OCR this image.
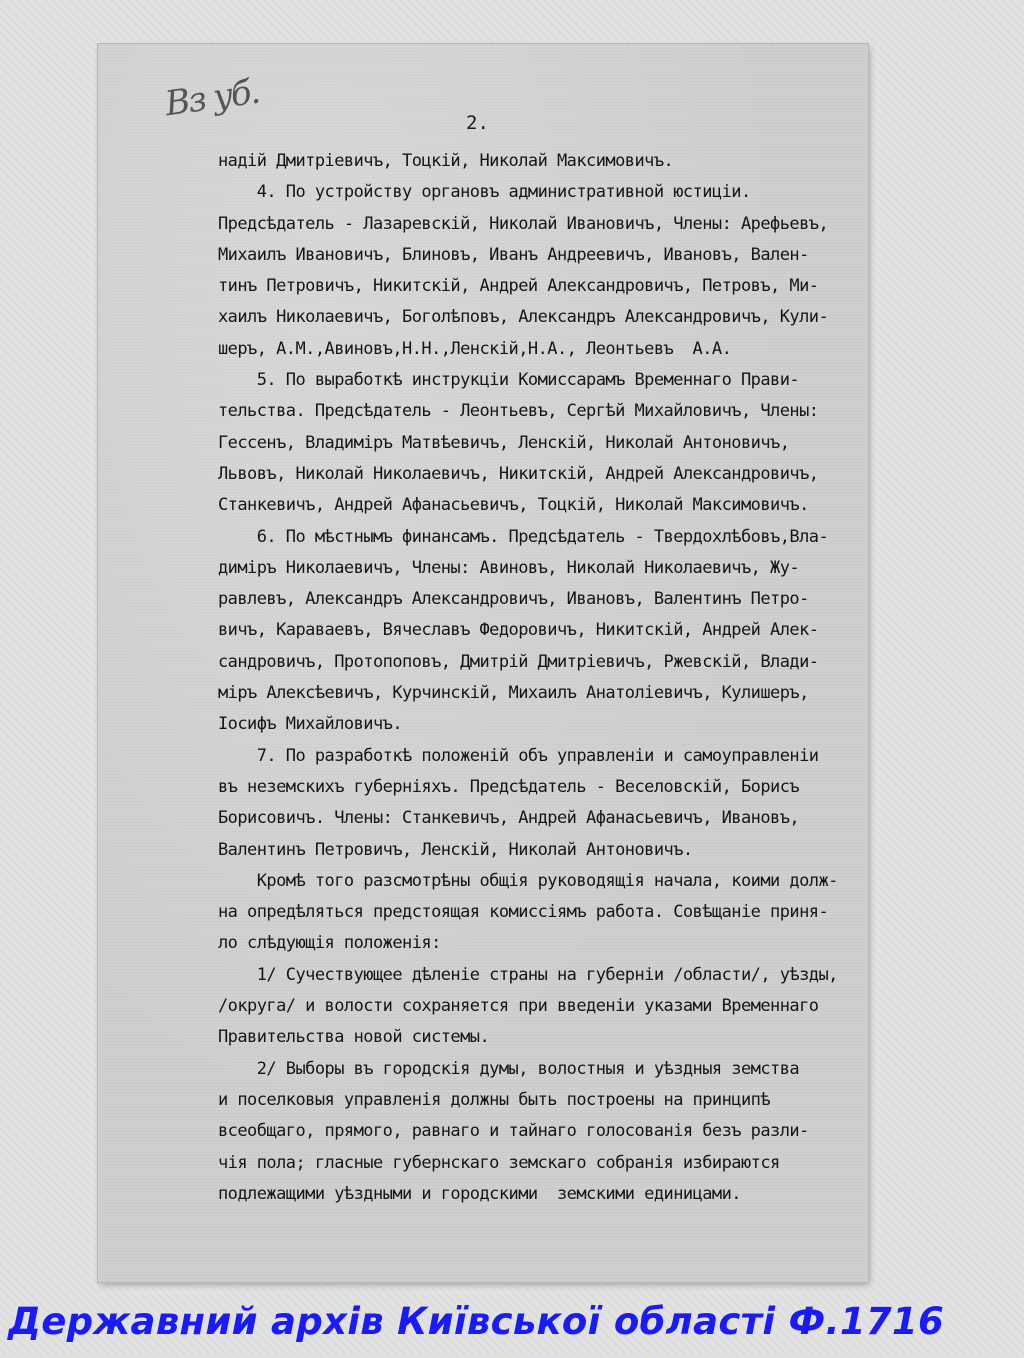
Вз уб.	2.
надій Дмитріевичъ, Тоцкій, Николай Максимовичъ.
4. По устройству органовъ административной юстиціи.
Предсѣдатель - Лазаревскій, Николай Ивановичъ, Члены: Арефьевъ,
Михаилъ Ивановичъ, Блиновъ, Иванъ Андреевичъ, Ивановъ, Вален-
тинъ Петровичъ, Никитскій, Андрей Александровичъ, Петровъ, Ми-
хаилъ Николаевичъ, Боголѣповъ, Александръ Александровичъ, Кули-
шеръ, А.М.,Авиновъ,Н.Н.,Ленскій,Н.А., Леонтьевъ  А.А.
5. По выработкѣ инструкціи Комиссарамъ Временнаго Прави-
тельства. Предсѣдатель - Леонтьевъ, Сергѣй Михайловичъ, Члены:
Гессенъ, Владиміръ Матвѣевичъ, Ленскій, Николай Антоновичъ,
Львовъ, Николай Николаевичъ, Никитскій, Андрей Александровичъ,
Станкевичъ, Андрей Афанасьевичъ, Тоцкій, Николай Максимовичъ.
6. По мѣстнымъ финансамъ. Предсѣдатель - Твердохлѣбовъ,Вла-
диміръ Николаевичъ, Члены: Авиновъ, Николай Николаевичъ, Жу-
равлевъ, Александръ Александровичъ, Ивановъ, Валентинъ Петро-
вичъ, Караваевъ, Вячеславъ Федоровичъ, Никитскій, Андрей Алек-
сандровичъ, Протопоповъ, Дмитрій Дмитріевичъ, Ржевскій, Влади-
міръ Алексѣевичъ, Курчинскій, Михаилъ Анатоліевичъ, Кулишеръ,
Іосифъ Михайловичъ.
7. По разработкѣ положеній объ управленіи и самоуправленіи
въ неземскихъ губерніяхъ. Предсѣдатель - Веселовскій, Борисъ
Борисовичъ. Члены: Станкевичъ, Андрей Афанасьевичъ, Ивановъ,
Валентинъ Петровичъ, Ленскій, Николай Антоновичъ.
Кромѣ того разсмотрѣны общія руководящія начала, коими долж-
на опредѣляться предстоящая комиссіямъ работа. Совѣщаніе приня-
ло слѣдующія положенія:
1/ Сучествующее дѣленіе страны на губерніи /области/, уѣзды,
/округа/ и волости сохраняется при введеніи указами Временнаго
Правительства новой системы.
2/ Выборы въ городскія думы, волостныя и уѣздныя земства
и поселковыя управленія должны быть построены на принципѣ
всеобщаго, прямого, равнаго и тайнаго голосованія безъ разли-
чія пола; гласные губернскаго земскаго собранія избираются
подлежащими уѣздными и городскими  земскими единицами.
Державний архів Київської області Ф.1716
